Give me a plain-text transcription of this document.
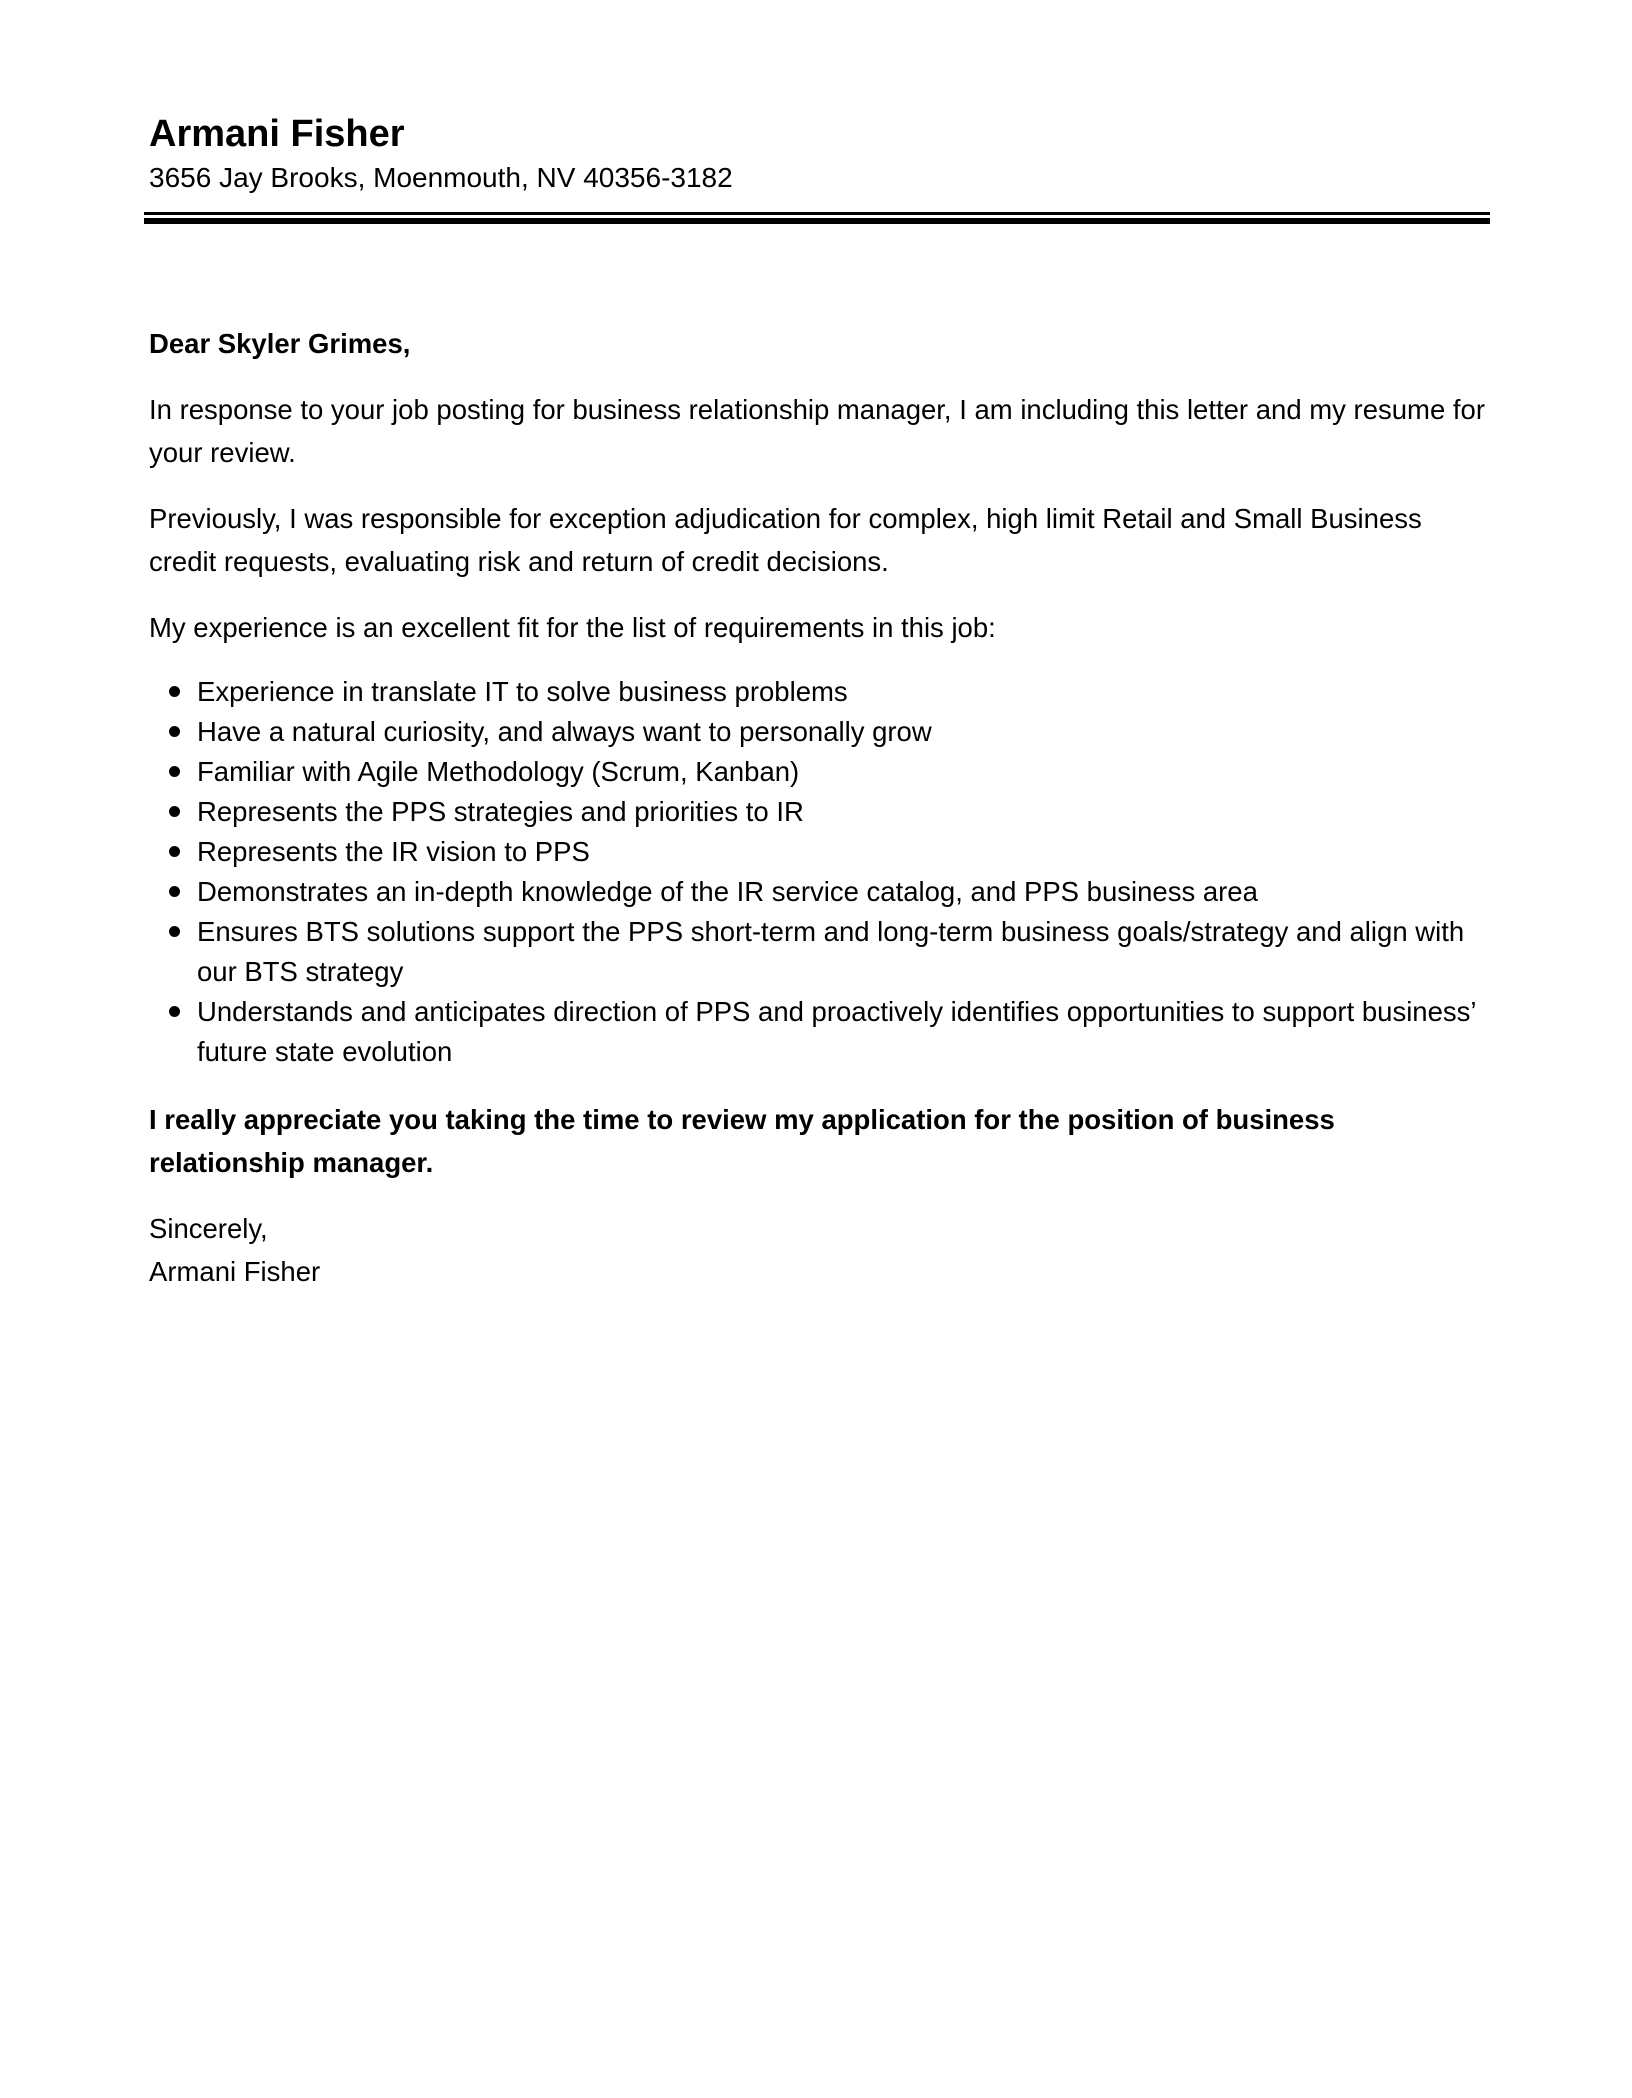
Armani Fisher

3656 Jay Brooks, Moenmouth, NV 40356-3182

Dear Skyler Grimes,

In response to your job posting for business relationship manager, I am including this letter and my resume for your review.

Previously, I was responsible for exception adjudication for complex, high limit Retail and Small Business credit requests, evaluating risk and return of credit decisions.

My experience is an excellent fit for the list of requirements in this job:

Experience in translate IT to solve business problems
Have a natural curiosity, and always want to personally grow
Familiar with Agile Methodology (Scrum, Kanban)
Represents the PPS strategies and priorities to IR
Represents the IR vision to PPS
Demonstrates an in-depth knowledge of the IR service catalog, and PPS business area
Ensures BTS solutions support the PPS short-term and long-term business goals/strategy and align with our BTS strategy
Understands and anticipates direction of PPS and proactively identifies opportunities to support business’ future state evolution

I really appreciate you taking the time to review my application for the position of business relationship manager.

Sincerely,

Armani Fisher
